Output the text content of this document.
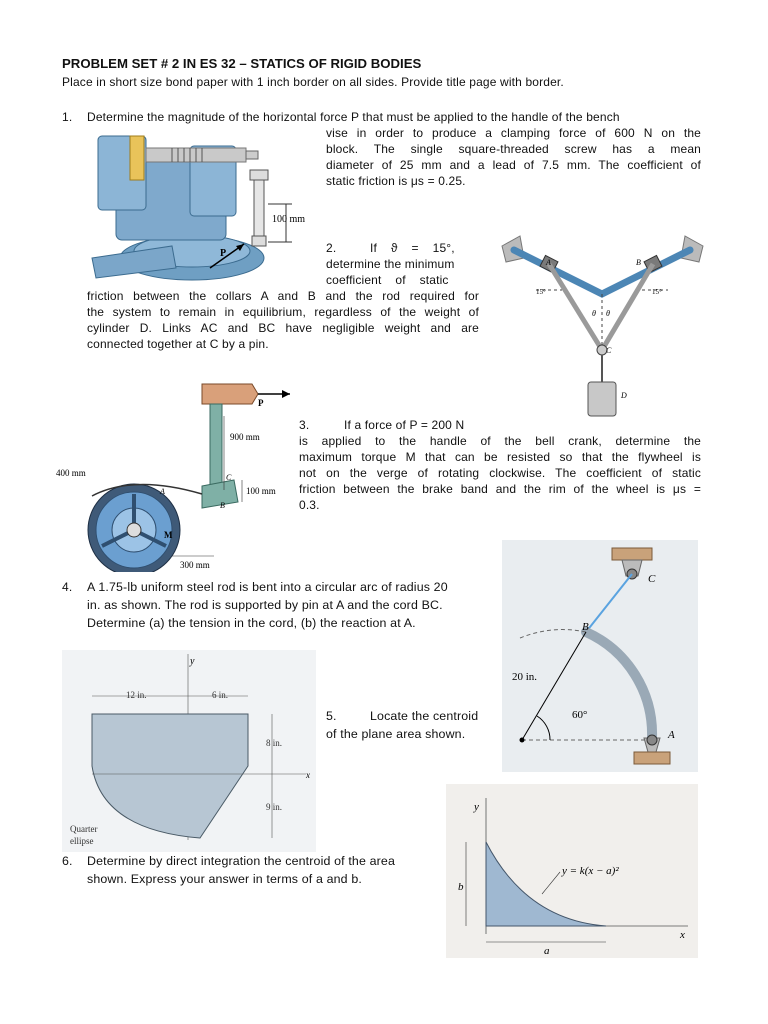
PROBLEM SET # 2 IN ES 32 – STATICS OF RIGID BODIES
Place in short size bond paper with 1 inch border on all sides. Provide title page with border.
1. Determine the magnitude of the horizontal force P that must be applied to the handle of the bench
vise in order to produce a clamping force of 600 N on the
block. The single square-threaded screw has a mean
diameter of 25 mm and a lead of 7.5 mm. The coefficient of
static friction is μs = 0.25.
100 mm
P	2.	If    ϑ    =    15°,
determine the minimum
coefficient    of    static
friction between the collars A and B and the rod required for
the system to remain in equilibrium, regardless of the weight of
cylinder D. Links AC and BC have negligible weight and are
connected together at C by a pin.
A	B
C
D
15°	15°
θ θ
3.	If a force of P = 200 N
is applied to the handle of the bell crank, determine the
maximum torque M that can be resisted so that the flywheel is
not on the verge of rotating clockwise. The coefficient of static
friction between the brake band and the rim of the wheel is μs =
0.3.
P
900 mm
400 mm
100 mm
300 mm
A
B
C
M
4. A 1.75-lb uniform steel rod is bent into a circular arc of radius 20
in. as shown. The rod is supported by pin at A and the cord BC.
Determine (a) the tension in the cord, (b) the reaction at A.
C
B
A
20 in.
60°
y
12 in.	6 in.
x
8 in.
9 in.
Quarter
ellipse
5.	Locate the centroid
of the plane area shown.
6. Determine by direct integration the centroid of the area
shown. Express your answer in terms of a and b.
y
x
b
a
y = k(x − a)²
